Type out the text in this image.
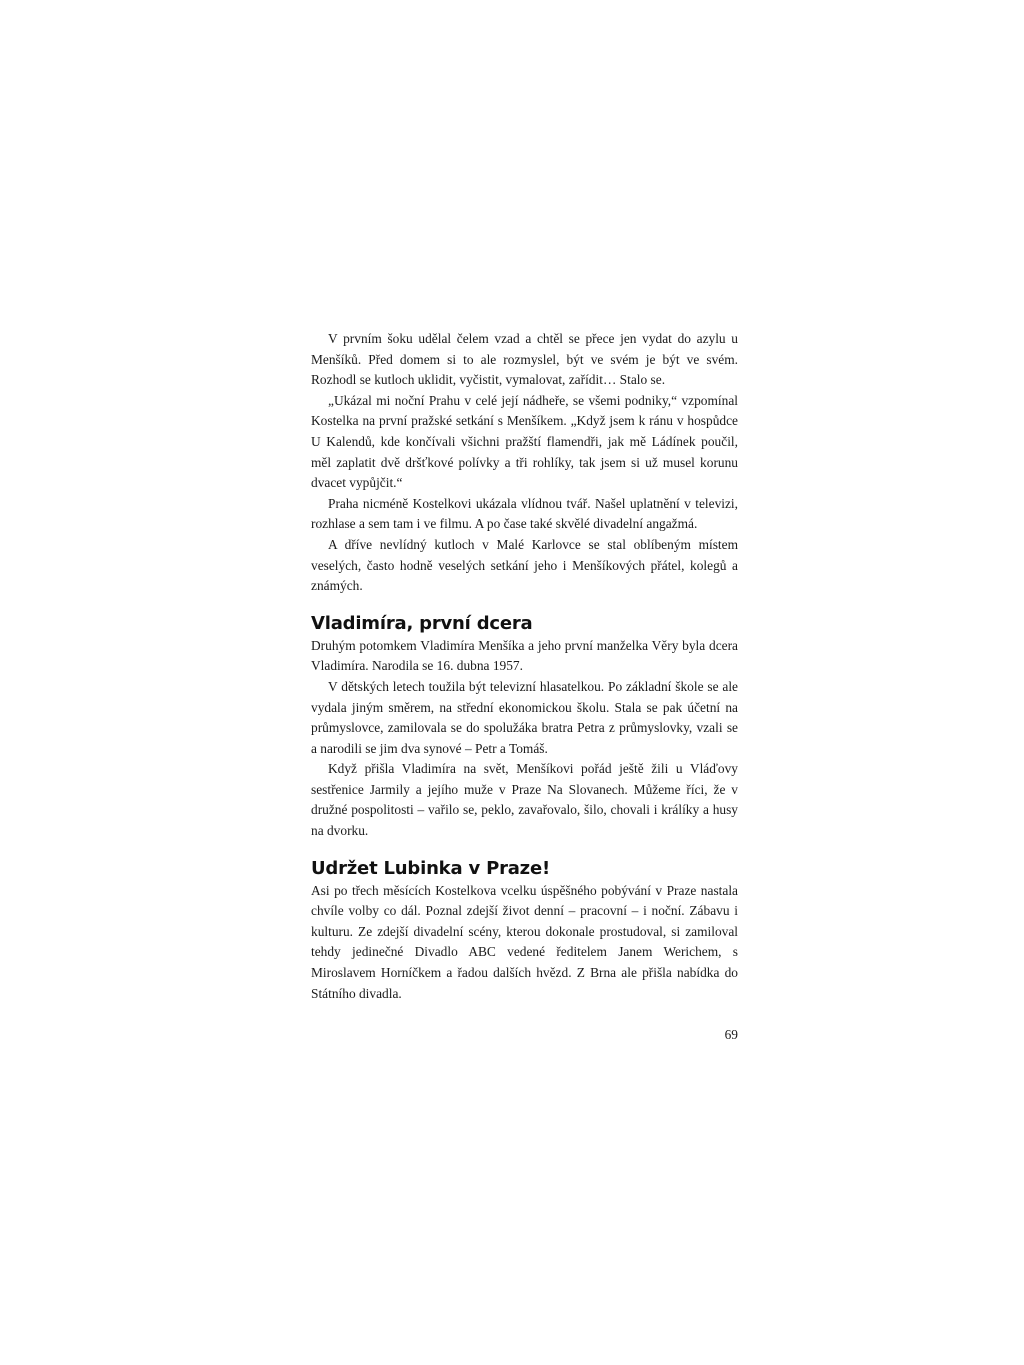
V prvním šoku udělal čelem vzad a chtěl se přece jen vydat do azylu u Menšíků. Před domem si to ale rozmyslel, být ve svém je být ve svém. Rozhodl se kutloch uklidit, vyčistit, vymalovat, zařídit… Stalo se.

„Ukázal mi noční Prahu v celé její nádheře, se všemi podniky,“ vzpomínal Kostelka na první pražské setkání s Menšíkem. „Když jsem k ránu v hospůdce U Kalendů, kde končívali všichni pražští flamendři, jak mě Ládínek poučil, měl zaplatit dvě dršťkové polívky a tři rohlíky, tak jsem si už musel korunu dvacet vypůjčit.“

Praha nicméně Kostelkovi ukázala vlídnou tvář. Našel uplatnění v televizi, rozhlase a sem tam i ve filmu. A po čase také skvělé divadelní angažmá.

A dříve nevlídný kutloch v Malé Karlovce se stal oblíbeným místem veselých, často hodně veselých setkání jeho i Menšíkových přátel, kolegů a známých.

Vladimíra, první dcera

Druhým potomkem Vladimíra Menšíka a jeho první manželka Věry byla dcera Vladimíra. Narodila se 16. dubna 1957.

V dětských letech toužila být televizní hlasatelkou. Po základní škole se ale vydala jiným směrem, na střední ekonomickou školu. Stala se pak účetní na průmyslovce, zamilovala se do spolužáka bratra Petra z průmyslovky, vzali se a narodili se jim dva synové – Petr a Tomáš.

Když přišla Vladimíra na svět, Menšíkovi pořád ještě žili u Vláďovy sestřenice Jarmily a jejího muže v Praze Na Slovanech. Můžeme říci, že v družné pospolitosti – vařilo se, peklo, zavařovalo, šilo, chovali i králíky a husy na dvorku.

Udržet Lubinka v Praze!

Asi po třech měsících Kostelkova vcelku úspěšného pobývání v Praze nastala chvíle volby co dál. Poznal zdejší život denní – pracovní – i noční. Zábavu i kulturu. Ze zdejší divadelní scény, kterou dokonale prostudoval, si zamiloval tehdy jedinečné Divadlo ABC vedené ředitelem Janem Werichem, s Miroslavem Horníčkem a řadou dalších hvězd. Z Brna ale přišla nabídka do Státního divadla.

69
